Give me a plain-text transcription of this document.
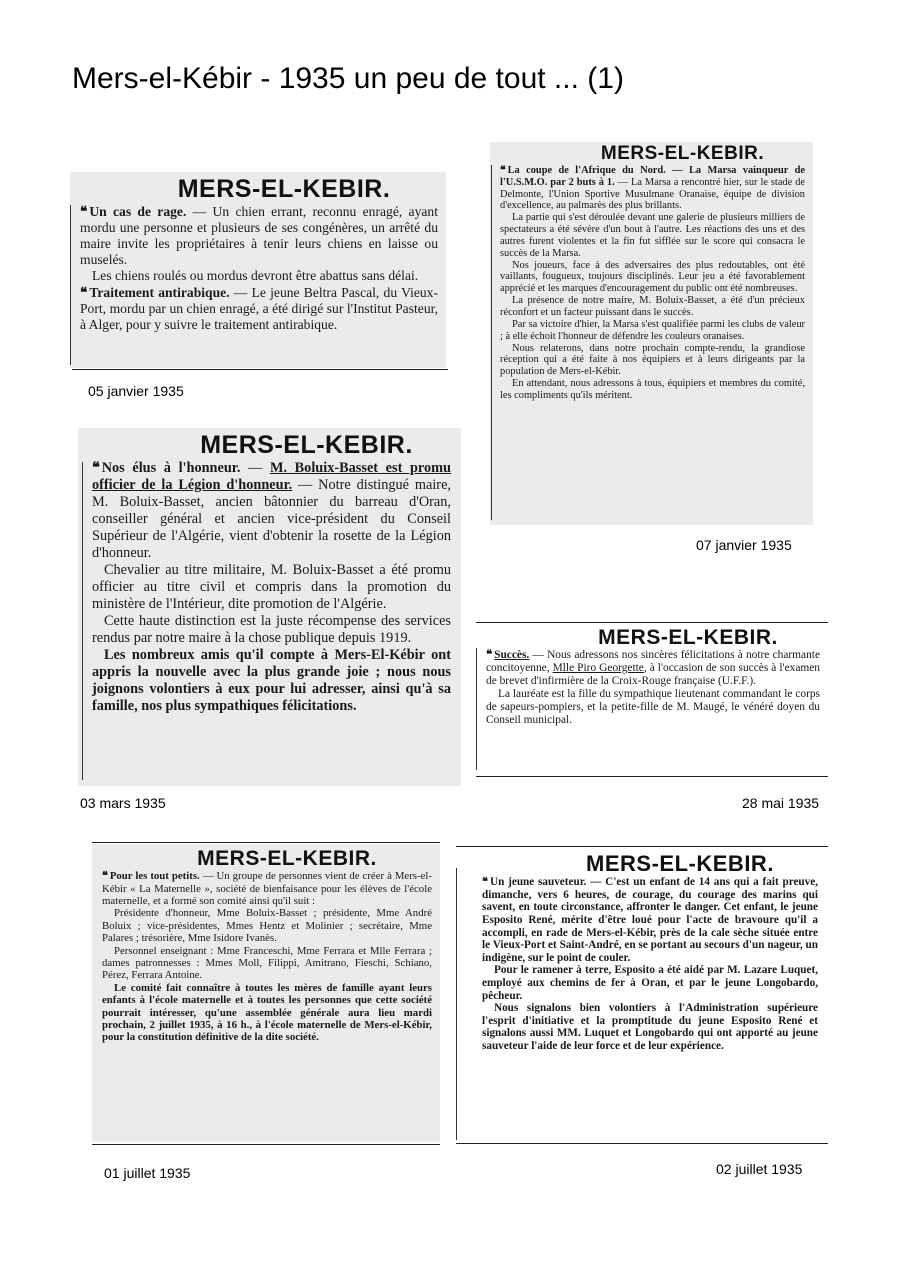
Mers-el-Kébir - 1935 un peu de tout ... (1)
MERS-EL-KEBIR.

❝ Un cas de rage. — Un chien errant, reconnu enragé, ayant mordu une personne et plusieurs de ses congénères, un arrêté du maire invite les propriétaires à tenir leurs chiens en laisse ou muselés.

Les chiens roulés ou mordus devront être abattus sans délai.

❝ Traitement antirabique. — Le jeune Beltra Pascal, du Vieux-Port, mordu par un chien enragé, a été dirigé sur l'Institut Pasteur, à Alger, pour y suivre le traitement antirabique.

05 janvier 1935
MERS-EL-KEBIR.

❝ La coupe de l'Afrique du Nord. — La Marsa vainqueur de l'U.S.M.O. par 2 buts à 1. — La Marsa a rencontré hier, sur le stade de Delmonte, l'Union Sportive Musulmane Oranaise, équipe de division d'excellence, au palmarès des plus brillants.

La partie qui s'est déroulée devant une galerie de plusieurs milliers de spectateurs a été sévère d'un bout à l'autre. Les réactions des uns et des autres furent violentes et la fin fut sifflée sur le score qui consacra le succès de la Marsa.

Nos joueurs, face à des adversaires des plus redoutables, ont été vaillants, fougueux, toujours disciplinés. Leur jeu a été favorablement apprécié et les marques d'encouragement du public ont été nombreuses.

La présence de notre maire, M. Boluix-Basset, a été d'un précieux réconfort et un facteur puissant dans le succès.

Par sa victoire d'hier, la Marsa s'est qualifiée parmi les clubs de valeur ; à elle échoit l'honneur de défendre les couleurs oranaises.

Nous relaterons, dans notre prochain compte-rendu, la grandiose réception qui a été faite à nos équipiers et à leurs dirigeants par la population de Mers-el-Kébir.

En attendant, nous adressons à tous, équipiers et membres du comité, les compliments qu'ils méritent.

07 janvier 1935
MERS-EL-KEBIR.

❝ Nos élus à l'honneur. — M. Boluix-Basset est promu officier de la Légion d'honneur. — Notre distingué maire, M. Boluix-Basset, ancien bâtonnier du barreau d'Oran, conseiller général et ancien vice-président du Conseil Supérieur de l'Algérie, vient d'obtenir la rosette de la Légion d'honneur.

Chevalier au titre militaire, M. Boluix-Basset a été promu officier au titre civil et compris dans la promotion du ministère de l'Intérieur, dite promotion de l'Algérie.

Cette haute distinction est la juste récompense des services rendus par notre maire à la chose publique depuis 1919.

Les nombreux amis qu'il compte à Mers-El-Kébir ont appris la nouvelle avec la plus grande joie ; nous nous joignons volontiers à eux pour lui adresser, ainsi qu'à sa famille, nos plus sympathiques félicitations.

03 mars 1935
MERS-EL-KEBIR.

❝ Succès. — Nous adressons nos sincères félicitations à notre charmante concitoyenne, Mlle Piro Georgette, à l'occasion de son succès à l'examen de brevet d'infirmière de la Croix-Rouge française (U.F.F.).

La lauréate est la fille du sympathique lieutenant commandant le corps de sapeurs-pompiers, et la petite-fille de M. Maugé, le vénéré doyen du Conseil municipal.

28 mai 1935
MERS-EL-KEBIR.

❝ Pour les tout petits. — Un groupe de personnes vient de créer à Mers-el-Kébir « La Maternelle », société de bienfaisance pour les élèves de l'école maternelle, et a formé son comité ainsi qu'il suit :

Présidente d'honneur, Mme Boluix-Basset ; présidente, Mme André Boluix ; vice-présidentes, Mmes Hentz et Molinier ; secrétaire, Mme Palares ; trésorière, Mme Isidore Ivanès.

Personnel enseignant : Mme Franceschi, Mme Ferrara et Mlle Ferrara ; dames patronnesses : Mmes Moll, Filippi, Amitrano, Fieschi, Schiano, Pérez, Ferrara Antoine.

Le comité fait connaître à toutes les mères de famille ayant leurs enfants à l'école maternelle et à toutes les personnes que cette société pourrait intéresser, qu'une assemblée générale aura lieu mardi prochain, 2 juillet 1935, à 16 h., à l'école maternelle de Mers-el-Kébir, pour la constitution définitive de la dite société.

01 juillet 1935
MERS-EL-KEBIR.

❝ Un jeune sauveteur. — C'est un enfant de 14 ans qui a fait preuve, dimanche, vers 6 heures, de courage, du courage des marins qui savent, en toute circonstance, affronter le danger. Cet enfant, le jeune Esposito René, mérite d'être loué pour l'acte de bravoure qu'il a accompli, en rade de Mers-el-Kébir, près de la cale sèche située entre le Vieux-Port et Saint-André, en se portant au secours d'un nageur, un indigène, sur le point de couler.

Pour le ramener à terre, Esposito a été aidé par M. Lazare Luquet, employé aux chemins de fer à Oran, et par le jeune Longobardo, pêcheur.

Nous signalons bien volontiers à l'Administration supérieure l'esprit d'initiative et la promptitude du jeune Esposito René et signalons aussi MM. Luquet et Longobardo qui ont apporté au jeune sauveteur l'aide de leur force et de leur expérience.

02 juillet 1935
